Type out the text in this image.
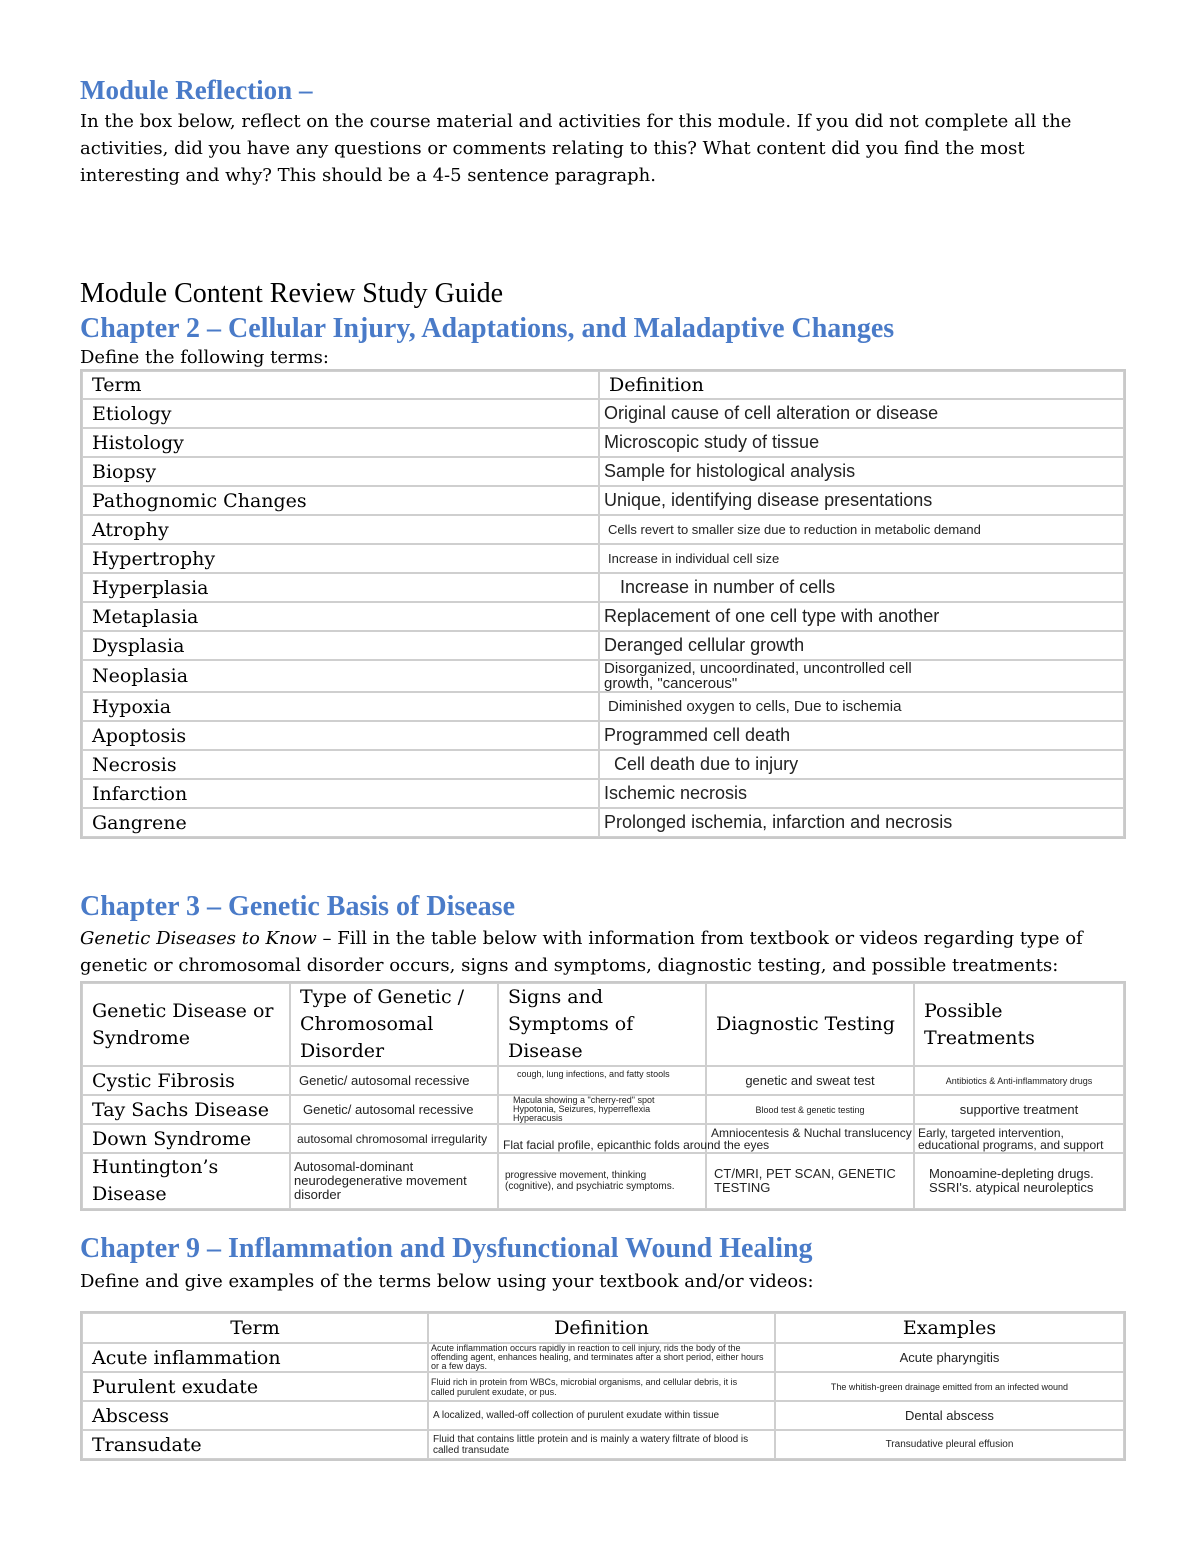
Module Reflection –

In the box below, reflect on the course material and activities for this module. If you did not complete all the activities, did you have any questions or comments relating to this? What content did you find the most interesting and why? This should be a 4-5 sentence paragraph.

Module Content Review Study Guide
Chapter 2 – Cellular Injury, Adaptations, and Maladaptive Changes

Define the following terms:

Term	Definition
Etiology	Original cause of cell alteration or disease
Histology	Microscopic study of tissue
Biopsy	Sample for histological analysis
Pathognomic Changes	Unique, identifying disease presentations
Atrophy	Cells revert to smaller size due to reduction in metabolic demand
Hypertrophy	Increase in individual cell size
Hyperplasia	Increase in number of cells
Metaplasia	Replacement of one cell type with another
Dysplasia	Deranged cellular growth
Neoplasia	Disorganized, uncoordinated, uncontrolled cell growth, "cancerous"
Hypoxia	Diminished oxygen to cells, Due to ischemia
Apoptosis	Programmed cell death
Necrosis	Cell death due to injury
Infarction	Ischemic necrosis
Gangrene	Prolonged ischemia, infarction and necrosis
Chapter 3 – Genetic Basis of Disease

Genetic Diseases to Know – Fill in the table below with information from textbook or videos regarding type of genetic or chromosomal disorder occurs, signs and symptoms, diagnostic testing, and possible treatments:

Genetic Disease or Syndrome	Type of Genetic / Chromosomal Disorder	Signs and Symptoms of Disease	Diagnostic Testing	Possible Treatments
Cystic Fibrosis	Genetic/ autosomal recessive	cough, lung infections, and fatty stools	genetic and sweat test	Antibiotics & Anti-inflammatory drugs
Tay Sachs Disease	Genetic/ autosomal recessive	Macula showing a "cherry-red" spot Hypotonia, Seizures, hyperreflexia Hyperacusis	Blood test & genetic testing	supportive treatment
Down Syndrome	autosomal chromosomal irregularity	Flat facial profile, epicanthic folds around the eyes	Amniocentesis & Nuchal translucency	Early, targeted intervention, educational programs, and support
Huntington’s Disease	Autosomal-dominant neurodegenerative movement disorder	progressive movement, thinking (cognitive), and psychiatric symptoms.	CT/MRI, PET SCAN, GENETIC TESTING	Monoamine-depleting drugs. SSRI's. atypical neuroleptics
Chapter 9 – Inflammation and Dysfunctional Wound Healing

Define and give examples of the terms below using your textbook and/or videos:

Term	Definition	Examples
Acute inflammation	Acute inflammation occurs rapidly in reaction to cell injury, rids the body of the offending agent, enhances healing, and terminates after a short period, either hours or a few days.	Acute pharyngitis
Purulent exudate	Fluid rich in protein from WBCs, microbial organisms, and cellular debris, it is called purulent exudate, or pus.	The whitish-green drainage emitted from an infected wound
Abscess	A localized, walled-off collection of purulent exudate within tissue	Dental abscess
Transudate	Fluid that contains little protein and is mainly a watery filtrate of blood is called transudate	Transudative pleural effusion
